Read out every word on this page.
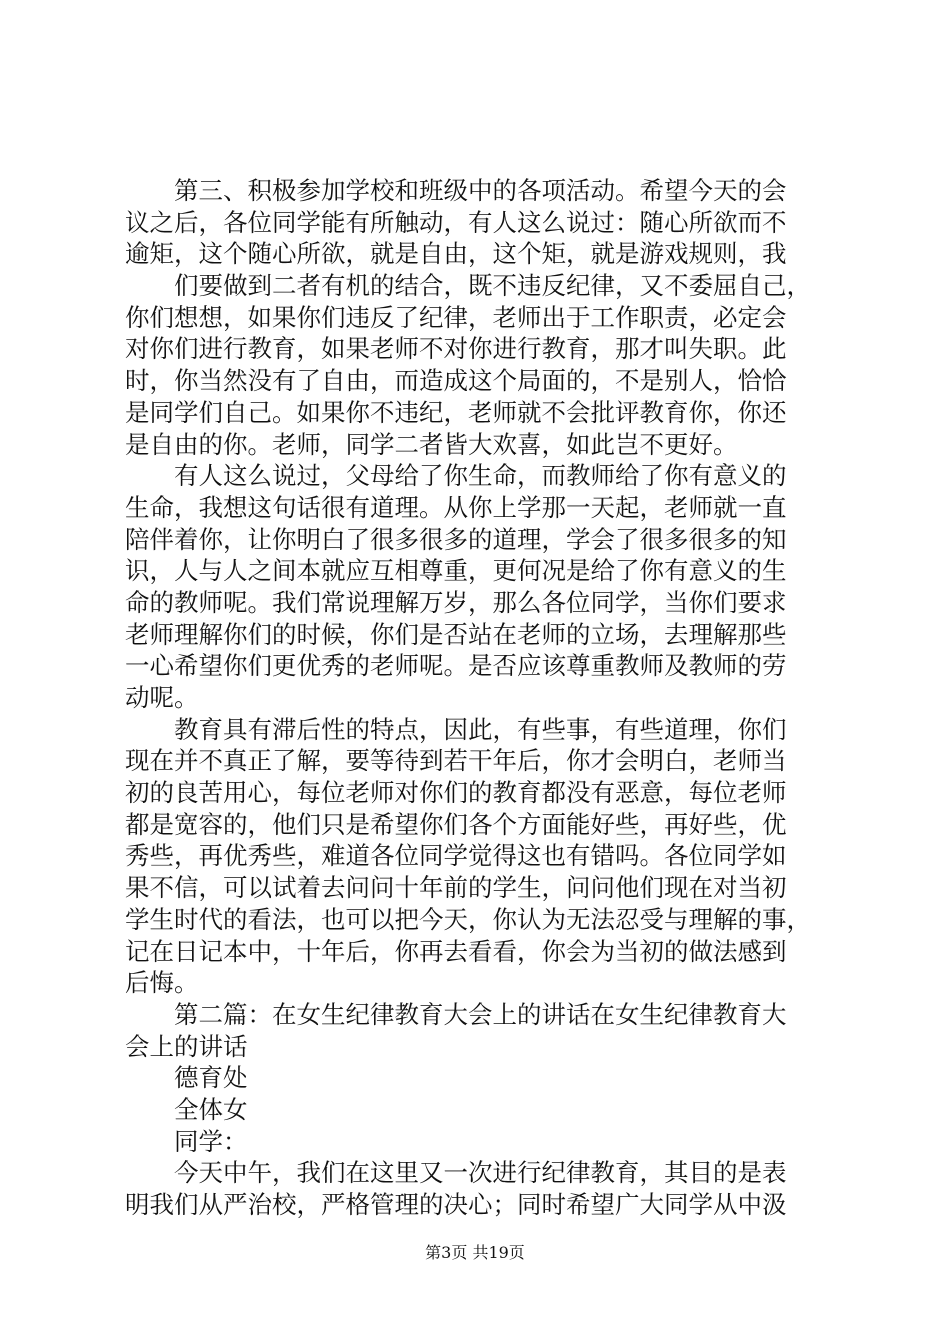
　　第三、积极参加学校和班级中的各项活动。希望今天的会
议之后，各位同学能有所触动，有人这么说过：随心所欲而不
逾矩，这个随心所欲，就是自由，这个矩，就是游戏规则，我
　　们要做到二者有机的结合，既不违反纪律，又不委屈自己，
你们想想，如果你们违反了纪律，老师出于工作职责，必定会
对你们进行教育，如果老师不对你进行教育，那才叫失职。此
时，你当然没有了自由，而造成这个局面的，不是别人，恰恰
是同学们自己。如果你不违纪，老师就不会批评教育你，你还
是自由的你。老师，同学二者皆大欢喜，如此岂不更好。
　　有人这么说过，父母给了你生命，而教师给了你有意义的
生命，我想这句话很有道理。从你上学那一天起，老师就一直
陪伴着你，让你明白了很多很多的道理，学会了很多很多的知
识，人与人之间本就应互相尊重，更何况是给了你有意义的生
命的教师呢。我们常说理解万岁，那么各位同学，当你们要求
老师理解你们的时候，你们是否站在老师的立场，去理解那些
一心希望你们更优秀的老师呢。是否应该尊重教师及教师的劳
动呢。
　　教育具有滞后性的特点，因此，有些事，有些道理，你们
现在并不真正了解，要等待到若干年后，你才会明白，老师当
初的良苦用心，每位老师对你们的教育都没有恶意，每位老师
都是宽容的，他们只是希望你们各个方面能好些，再好些，优
秀些，再优秀些，难道各位同学觉得这也有错吗。各位同学如
果不信，可以试着去问问十年前的学生，问问他们现在对当初
学生时代的看法，也可以把今天，你认为无法忍受与理解的事，
记在日记本中，十年后，你再去看看，你会为当初的做法感到
后悔。
　　第二篇：在女生纪律教育大会上的讲话在女生纪律教育大
会上的讲话
　　德育处
　　全体女
　　同学：
　　今天中午，我们在这里又一次进行纪律教育，其目的是表
明我们从严治校，严格管理的决心；同时希望广大同学从中汲
第3页 共19页
